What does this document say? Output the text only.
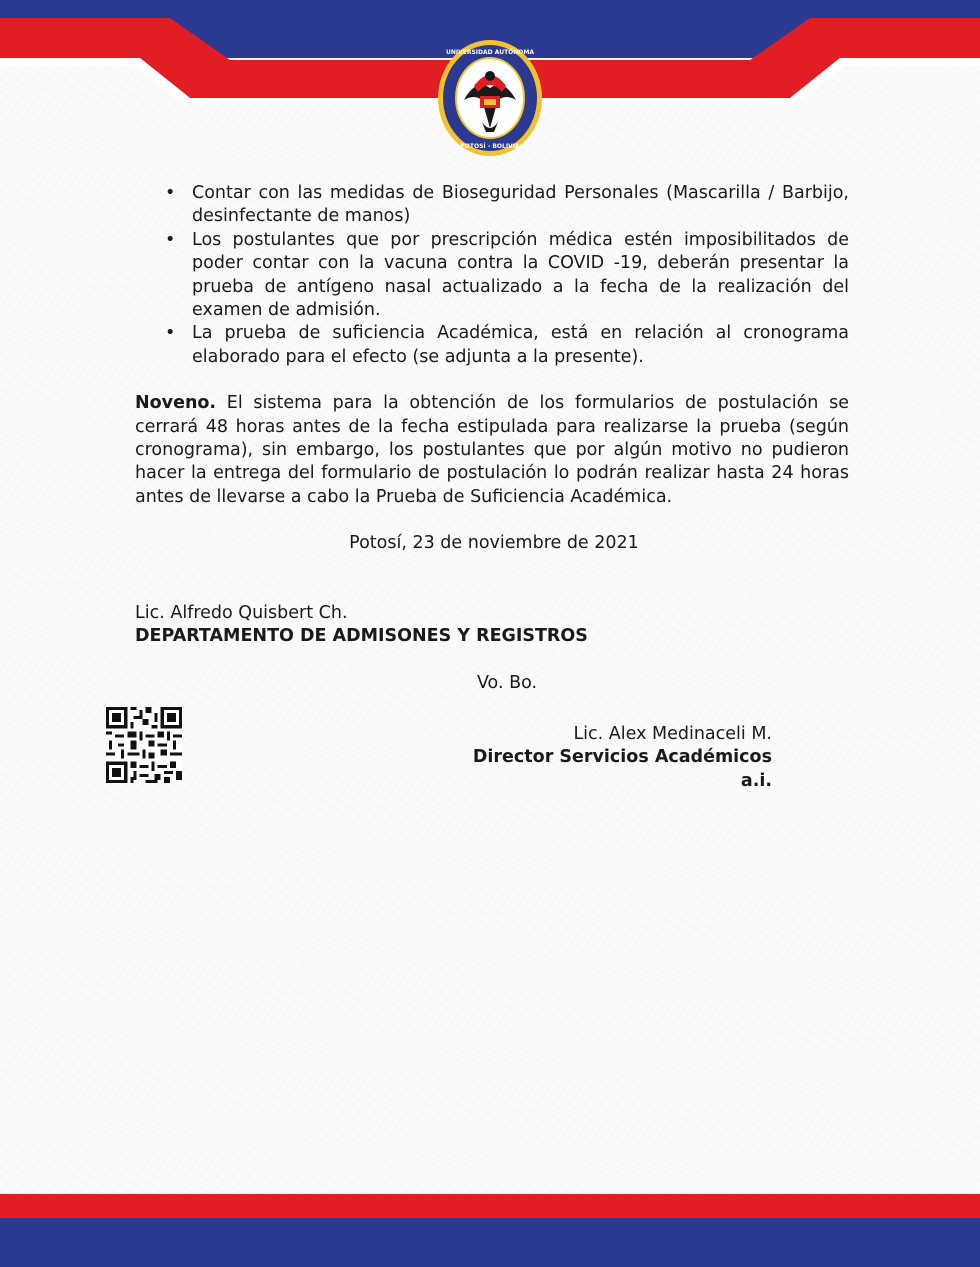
UNIVERSIDAD AUTÓNOMA
POTOSÍ - BOLIVIA
• Contar con las medidas de Bioseguridad Personales (Mascarilla / Barbijo, desinfectante de manos)
• Los postulantes que por prescripción médica estén imposibilitados de poder contar con la vacuna contra la COVID -19, deberán presentar la prueba de antígeno nasal actualizado a la fecha de la realización del examen de admisión.
• La prueba de suficiencia Académica, está en relación al cronograma elaborado para el efecto (se adjunta a la presente).
Noveno. El sistema para la obtención de los formularios de postulación se cerrará 48 horas antes de la fecha estipulada para realizarse la prueba (según cronograma), sin embargo, los postulantes que por algún motivo no pudieron hacer la entrega del formulario de postulación lo podrán realizar hasta 24 horas antes de llevarse a cabo la Prueba de Suficiencia Académica.
Potosí, 23 de noviembre de 2021
Lic. Alfredo Quisbert Ch.
DEPARTAMENTO DE ADMISONES Y REGISTROS
Vo. Bo.
Lic. Alex Medinaceli M.
Director Servicios Académicos a.i.
